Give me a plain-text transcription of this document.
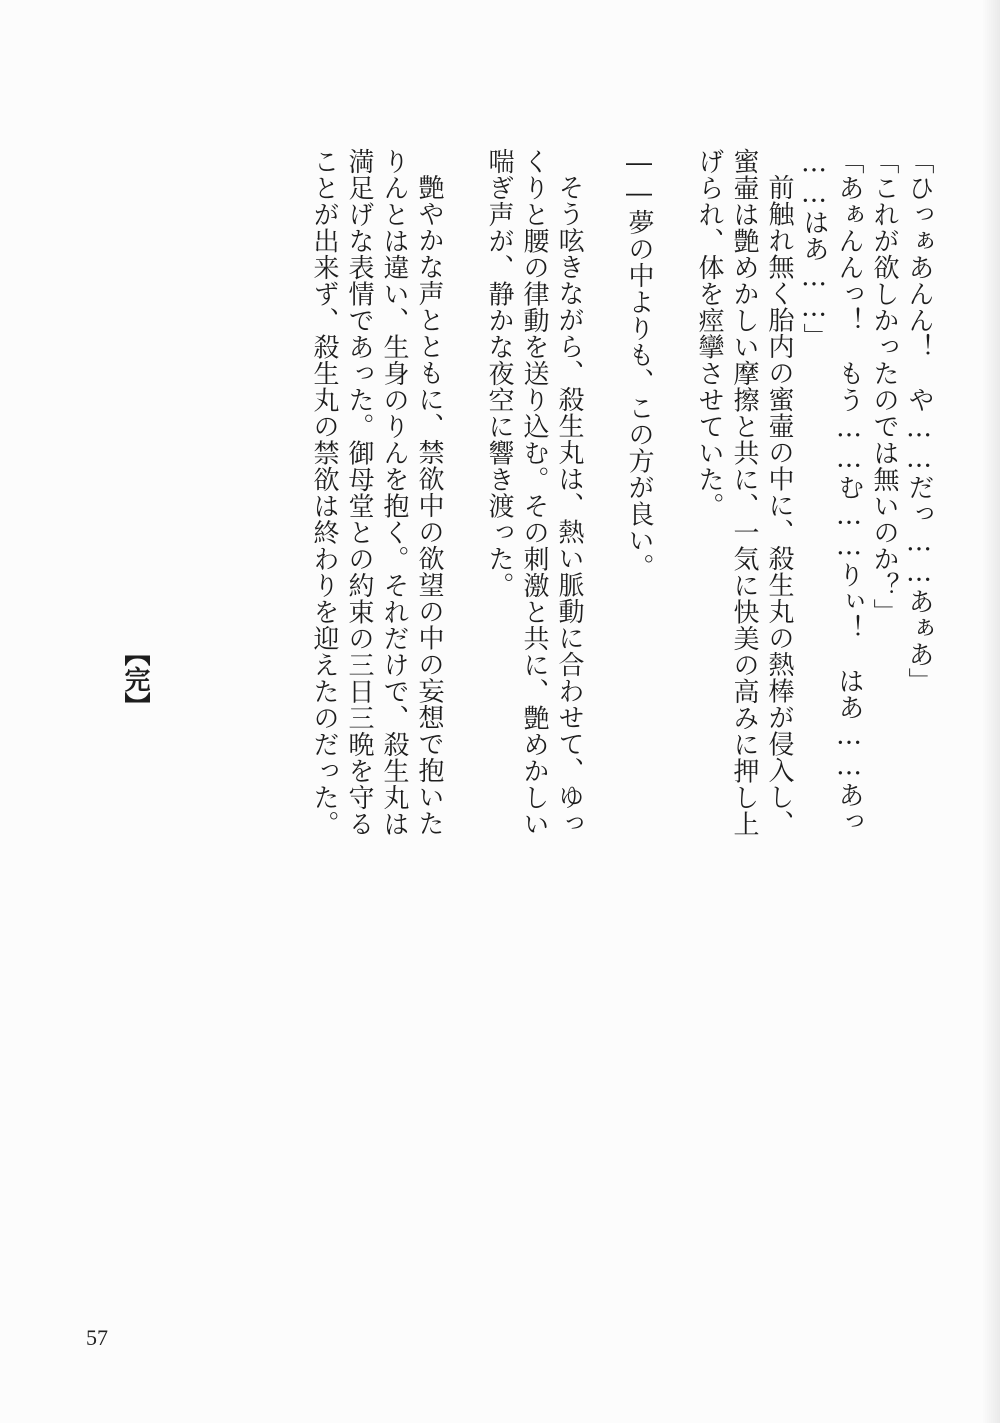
「ひっぁあんん！　や……だっ……あぁあ」
「これが欲しかったのでは無いのか？」
「あぁんんっ！　もう……む……りぃ！　はあ……あっ
……はあ……」
前触れ無く胎内の蜜壷の中に、殺生丸の熱棒が侵入し、
蜜壷は艶めかしい摩擦と共に、一気に快美の高みに押し上
げられ、体を痙攣させていた。
――夢の中よりも、この方が良い。
そう呟きながら、殺生丸は、熱い脈動に合わせて、ゆっ
くりと腰の律動を送り込む。その刺激と共に、艶めかしい
喘ぎ声が、静かな夜空に響き渡った。
艶やかな声とともに、禁欲中の欲望の中の妄想で抱いた
りんとは違い、生身のりんを抱く。それだけで、殺生丸は
満足げな表情であった。御母堂との約束の三日三晩を守る
ことが出来ず、殺生丸の禁欲は終わりを迎えたのだった。
【完】
57
